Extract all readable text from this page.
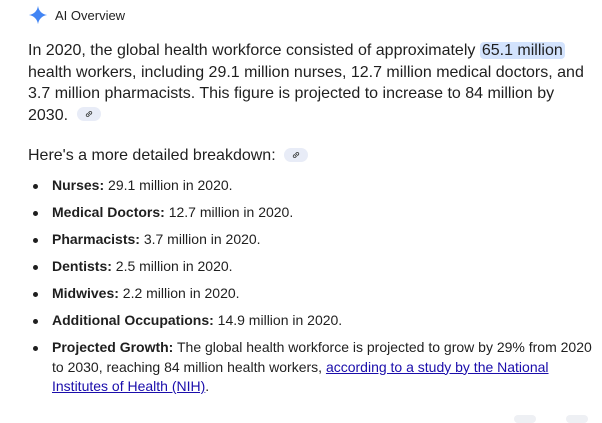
AI Overview
In 2020, the global health workforce consisted of approximately 65.1 million health workers, including 29.1 million nurses, 12.7 million medical doctors, and 3.7 million pharmacists. This figure is projected to increase to 84 million by 2030.
Here's a more detailed breakdown:
Nurses: 29.1 million in 2020.
Medical Doctors: 12.7 million in 2020.
Pharmacists: 3.7 million in 2020.
Dentists: 2.5 million in 2020.
Midwives: 2.2 million in 2020.
Additional Occupations: 14.9 million in 2020.
Projected Growth: The global health workforce is projected to grow by 29% from 2020 to 2030, reaching 84 million health workers, according to a study by the National Institutes of Health (NIH).
